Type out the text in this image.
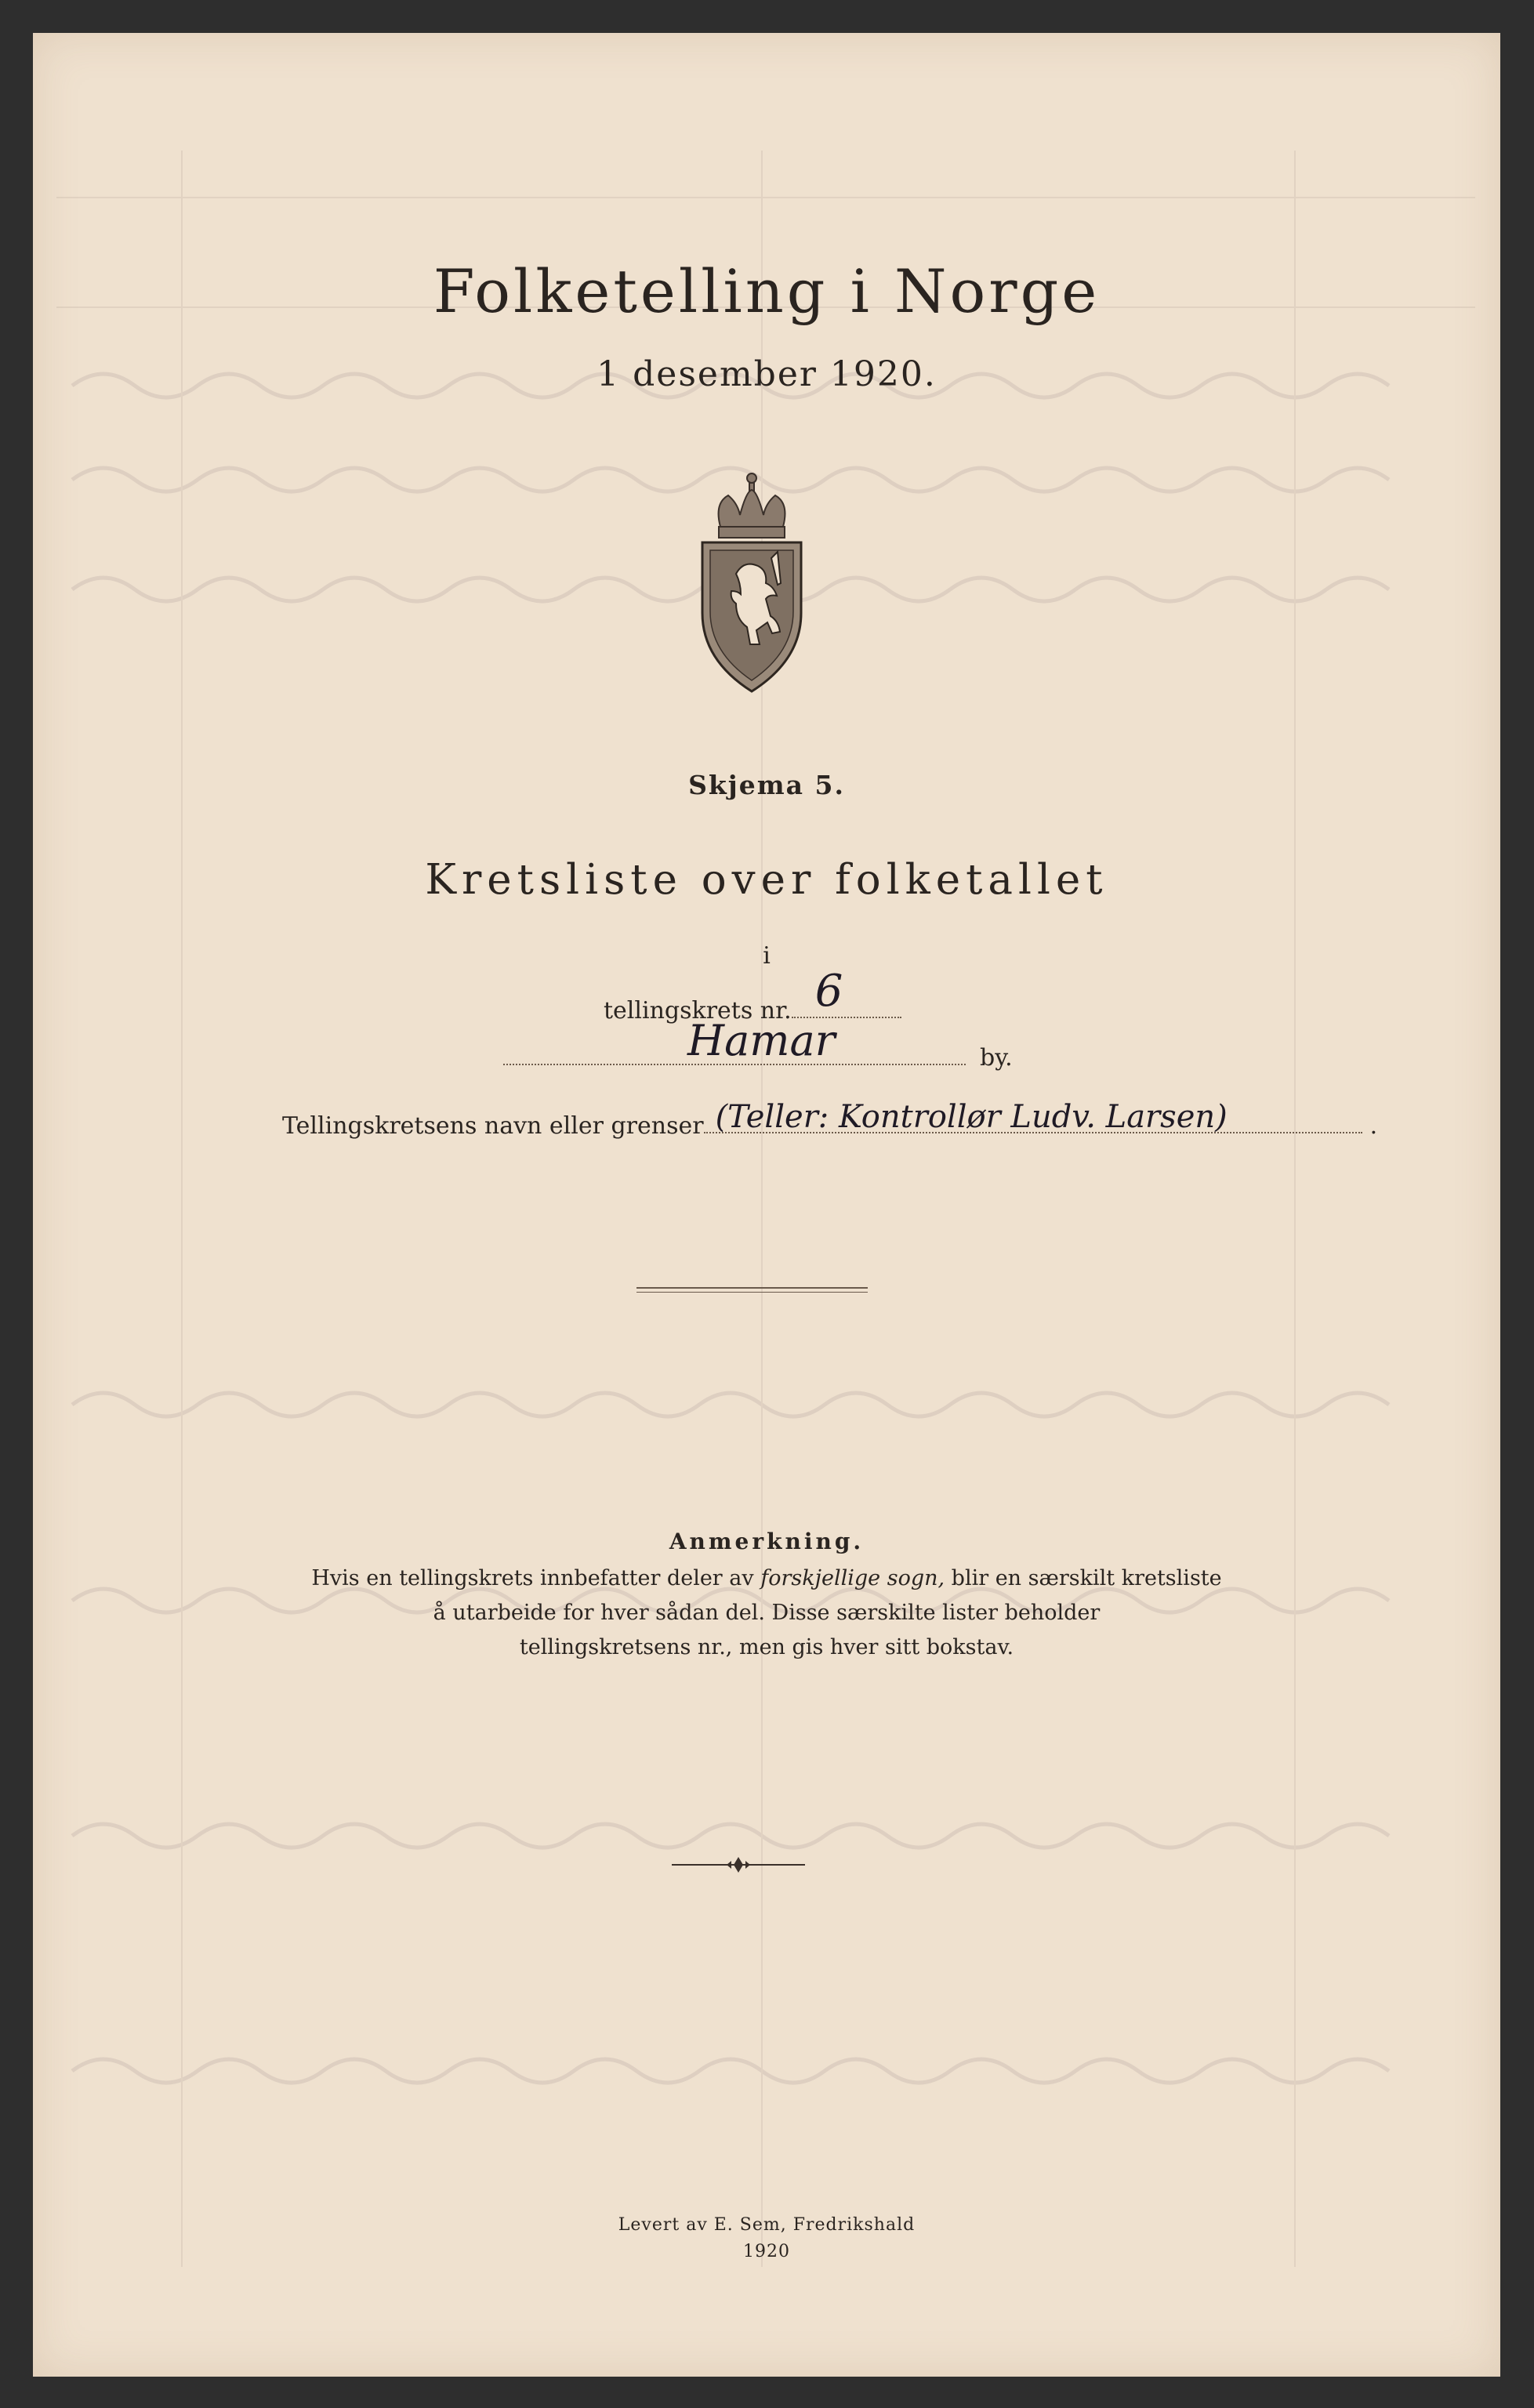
Folketelling i Norge
1 desember 1920.
Skjema 5.
Kretsliste over folketallet
i
tellingskrets nr. 6
Hamar	by.
Tellingskretsens navn eller grenser (Teller: Kontrollør Ludv. Larsen)	.
Anmerkning.
Hvis en tellingskrets innbefatter deler av forskjellige sogn, blir en særskilt kretsliste
å utarbeide for hver sådan del. Disse særskilte lister beholder
tellingskretsens nr., men gis hver sitt bokstav.
Levert av E. Sem, Fredrikshald
1920
